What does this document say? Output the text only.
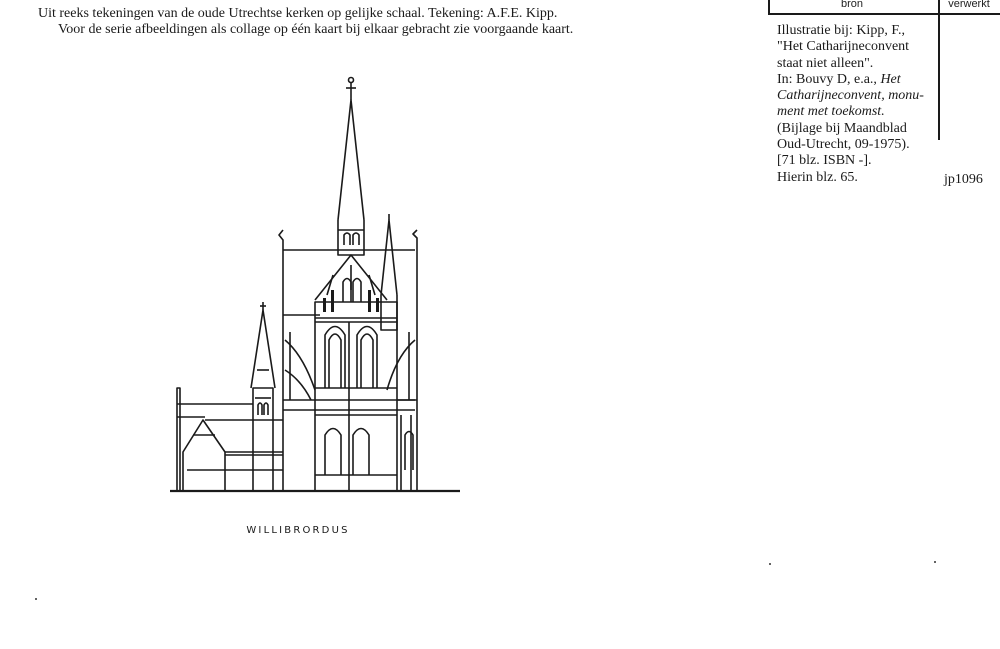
Uit reeks tekeningen van de oude Utrechtse kerken op gelijke schaal. Tekening: A.F.E. Kipp.
Voor de serie afbeeldingen als collage op één kaart bij elkaar gebracht zie voorgaande kaart.
bron	verwerkt
Illustratie bij: Kipp, F.,
"Het Catharijneconvent
staat niet alleen".
In: Bouvy D, e.a., Het
Catharijneconvent, monu-
ment met toekomst.
(Bijlage bij Maandblad
Oud-Utrecht, 09-1975).
[71 blz. ISBN -].
Hierin blz. 65.	jp1096
WILLIBRORDUS
